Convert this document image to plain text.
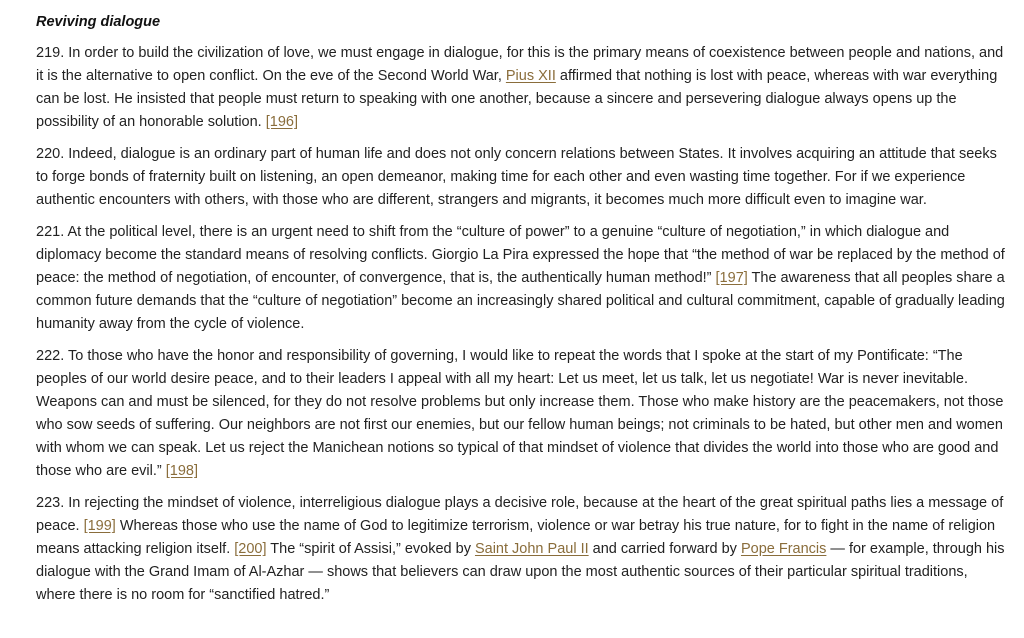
Reviving dialogue

219. In order to build the civilization of love, we must engage in dialogue, for this is the primary means of coexistence between people and nations, and it is the alternative to open conflict. On the eve of the Second World War, Pius XII affirmed that nothing is lost with peace, whereas with war everything can be lost. He insisted that people must return to speaking with one another, because a sincere and persevering dialogue always opens up the possibility of an honorable solution. [196]

220. Indeed, dialogue is an ordinary part of human life and does not only concern relations between States. It involves acquiring an attitude that seeks to forge bonds of fraternity built on listening, an open demeanor, making time for each other and even wasting time together. For if we experience authentic encounters with others, with those who are different, strangers and migrants, it becomes much more difficult even to imagine war.

221. At the political level, there is an urgent need to shift from the “culture of power” to a genuine “culture of negotiation,” in which dialogue and diplomacy become the standard means of resolving conflicts. Giorgio La Pira expressed the hope that “the method of war be replaced by the method of peace: the method of negotiation, of encounter, of convergence, that is, the authentically human method!” [197] The awareness that all peoples share a common future demands that the “culture of negotiation” become an increasingly shared political and cultural commitment, capable of gradually leading humanity away from the cycle of violence.

222. To those who have the honor and responsibility of governing, I would like to repeat the words that I spoke at the start of my Pontificate: “The peoples of our world desire peace, and to their leaders I appeal with all my heart: Let us meet, let us talk, let us negotiate! War is never inevitable. Weapons can and must be silenced, for they do not resolve problems but only increase them. Those who make history are the peacemakers, not those who sow seeds of suffering. Our neighbors are not first our enemies, but our fellow human beings; not criminals to be hated, but other men and women with whom we can speak. Let us reject the Manichean notions so typical of that mindset of violence that divides the world into those who are good and those who are evil.” [198]

223. In rejecting the mindset of violence, interreligious dialogue plays a decisive role, because at the heart of the great spiritual paths lies a message of peace. [199] Whereas those who use the name of God to legitimize terrorism, violence or war betray his true nature, for to fight in the name of religion means attacking religion itself. [200] The “spirit of Assisi,” evoked by Saint John Paul II and carried forward by Pope Francis — for example, through his dialogue with the Grand Imam of Al-Azhar — shows that believers can draw upon the most authentic sources of their particular spiritual traditions, where there is no room for “sanctified hatred.”
